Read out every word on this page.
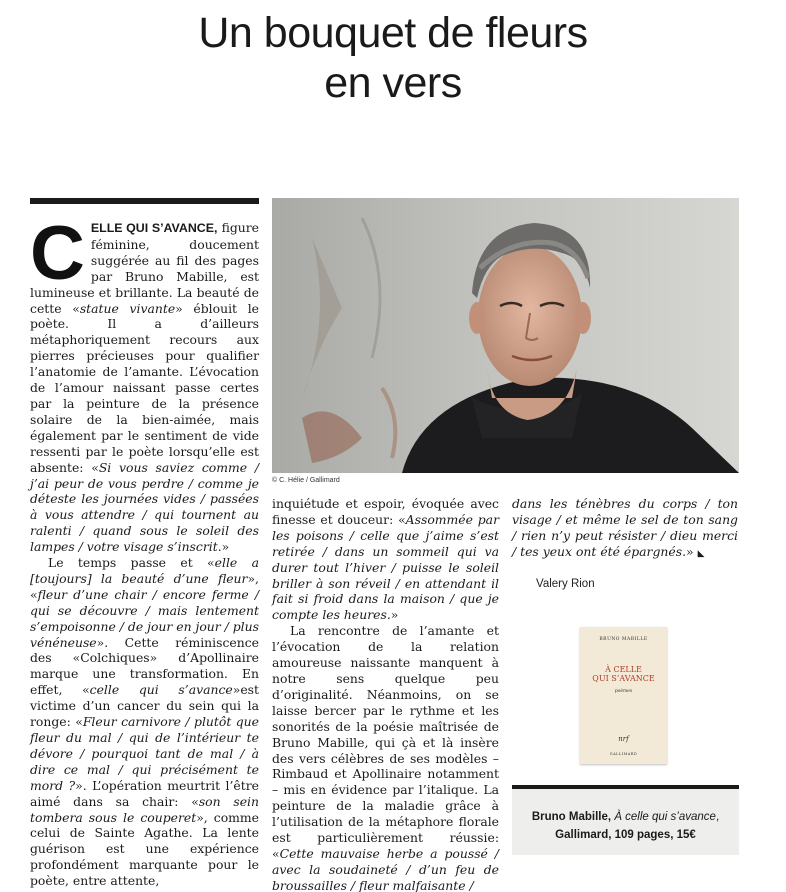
Un bouquet de fleurs
en vers

CELLE QUI S’AVANCE, figure féminine, doucement suggérée au fil des pages par Bruno Mabille, est lumineuse et brillante. La beauté de cette «statue vivante» éblouit le poète. Il a d’ailleurs métaphoriquement recours aux pierres précieuses pour qualifier l’anatomie de l’amante. L’évocation de l’amour naissant passe certes par la peinture de la présence solaire de la bien-aimée, mais également par le sentiment de vide ressenti par le poète lorsqu’elle est absente: «Si vous saviez comme / j’ai peur de vous perdre / comme je déteste les journées vides / passées à vous attendre / qui tournent au ralenti / quand sous le soleil des lampes / votre visage s’inscrit.»

Le temps passe et «elle a [toujours] la beauté d’une fleur», «fleur d’une chair / encore ferme / qui se découvre / mais lentement s’empoisonne / de jour en jour / plus vénéneuse». Cette réminiscence des «Colchiques» d’Apollinaire marque une transformation. En effet, «celle qui s’avance»est victime d’un cancer du sein qui la ronge: «Fleur carnivore / plutôt que fleur du mal / qui de l’intérieur te dévore / pourquoi tant de mal / à dire ce mal / qui précisément te mord ?». L’opération meurtrit l’être aimé dans sa chair: «son sein tombera sous le couperet», comme celui de Sainte Agathe. La lente guérison est une expérience profondément marquante pour le poète, entre attente,

© C. Hélie / Gallimard

inquiétude et espoir, évoquée avec finesse et douceur: «Assommée par les poisons / celle que j’aime s’est retirée / dans un sommeil qui va durer tout l’hiver / puisse le soleil briller à son réveil / en attendant il fait si froid dans la maison / que je compte les heures.»

La rencontre de l’amante et l’évocation de la relation amoureuse naissante manquent à notre sens quelque peu d’originalité. Néanmoins, on se laisse bercer par le rythme et les sonorités de la poésie maîtrisée de Bruno Mabille, qui çà et là insère des vers célèbres de ses modèles – Rimbaud et Apollinaire notamment – mis en évidence par l’italique. La peinture de la maladie grâce à l’utilisation de la métaphore florale est particulièrement réussie: «Cette mauvaise herbe a poussé / avec la soudaineté / d’un feu de broussailles / fleur malfaisante /

dans les ténèbres du corps / ton visage / et même le sel de ton sang / rien n’y peut résister / dieu merci / tes yeux ont été épargnés.» ◣

Valery Rion
BRUNO MABILLE
À CELLE
QUI S’AVANCE
poèmes
nrf
GALLIMARD
Bruno Mabille, À celle qui s’avance,
Gallimard, 109 pages, 15€
